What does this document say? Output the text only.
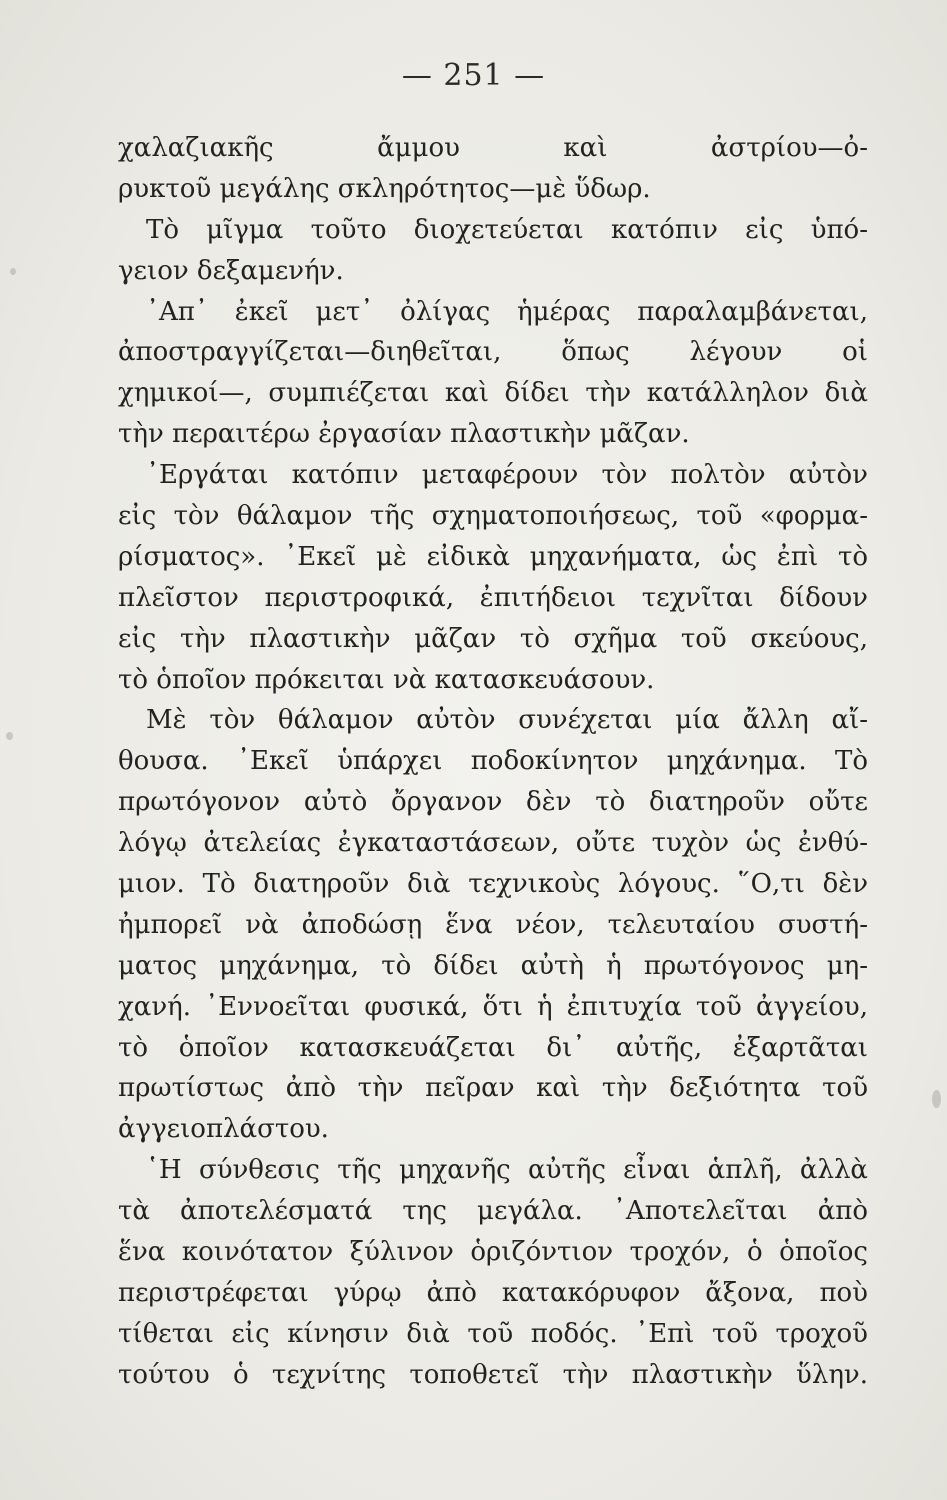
— 251 —
χαλαζιακῆς ἄμμου καὶ ἀστρίου—ὀ-
ρυκτοῦ μεγάλης σκληρότητος—μὲ ὕδωρ.
Τὸ μῖγμα τοῦτο διοχετεύεται κατόπιν εἰς ὑπό-
γειον δεξαμενήν.
᾿Απ᾿ ἐκεῖ μετ᾿ ὀλίγας ἡμέρας παραλαμβάνεται,
ἀποστραγγίζεται—διηθεῖται, ὅπως λέγουν οἱ
χημικοί—, συμπιέζεται καὶ δίδει τὴν κατάλληλον διὰ
τὴν περαιτέρω ἐργασίαν πλαστικὴν μᾶζαν.
᾿Εργάται κατόπιν μεταφέρουν τὸν πολτὸν αὐτὸν
εἰς τὸν θάλαμον τῆς σχηματοποιήσεως, τοῦ «φορμα-
ρίσματος». ᾿Εκεῖ μὲ εἰδικὰ μηχανήματα, ὡς ἐπὶ τὸ
πλεῖστον περιστροφικά, ἐπιτήδειοι τεχνῖται δίδουν
εἰς τὴν πλαστικὴν μᾶζαν τὸ σχῆμα τοῦ σκεύους,
τὸ ὁποῖον πρόκειται νὰ κατασκευάσουν.
Μὲ τὸν θάλαμον αὐτὸν συνέχεται μία ἄλλη αἴ-
θουσα. ᾿Εκεῖ ὑπάρχει ποδοκίνητον μηχάνημα. Τὸ
πρωτόγονον αὐτὸ ὄργανον δὲν τὸ διατηροῦν οὔτε
λόγῳ ἀτελείας ἐγκαταστάσεων, οὔτε τυχὸν ὡς ἐνθύ-
μιον. Τὸ διατηροῦν διὰ τεχνικοὺς λόγους. ῞Ο,τι δὲν
ἠμπορεῖ νὰ ἀποδώσῃ ἕνα νέον, τελευταίου συστή-
ματος μηχάνημα, τὸ δίδει αὐτὴ ἡ πρωτόγονος μη-
χανή. ᾿Εννοεῖται φυσικά, ὅτι ἡ ἐπιτυχία τοῦ ἀγγείου,
τὸ ὁποῖον κατασκευάζεται δι᾿ αὐτῆς, ἐξαρτᾶται
πρωτίστως ἀπὸ τὴν πεῖραν καὶ τὴν δεξιότητα τοῦ
ἀγγειοπλάστου.
῾Η σύνθεσις τῆς μηχανῆς αὐτῆς εἶναι ἁπλῆ, ἀλλὰ
τὰ ἀποτελέσματά της μεγάλα. ᾿Αποτελεῖται ἀπὸ
ἕνα κοινότατον ξύλινον ὁριζόντιον τροχόν, ὁ ὁποῖος
περιστρέφεται γύρῳ ἀπὸ κατακόρυφον ἄξονα, ποὺ
τίθεται εἰς κίνησιν διὰ τοῦ ποδός. ᾿Επὶ τοῦ τροχοῦ
τούτου ὁ τεχνίτης τοποθετεῖ τὴν πλαστικὴν ὕλην.
